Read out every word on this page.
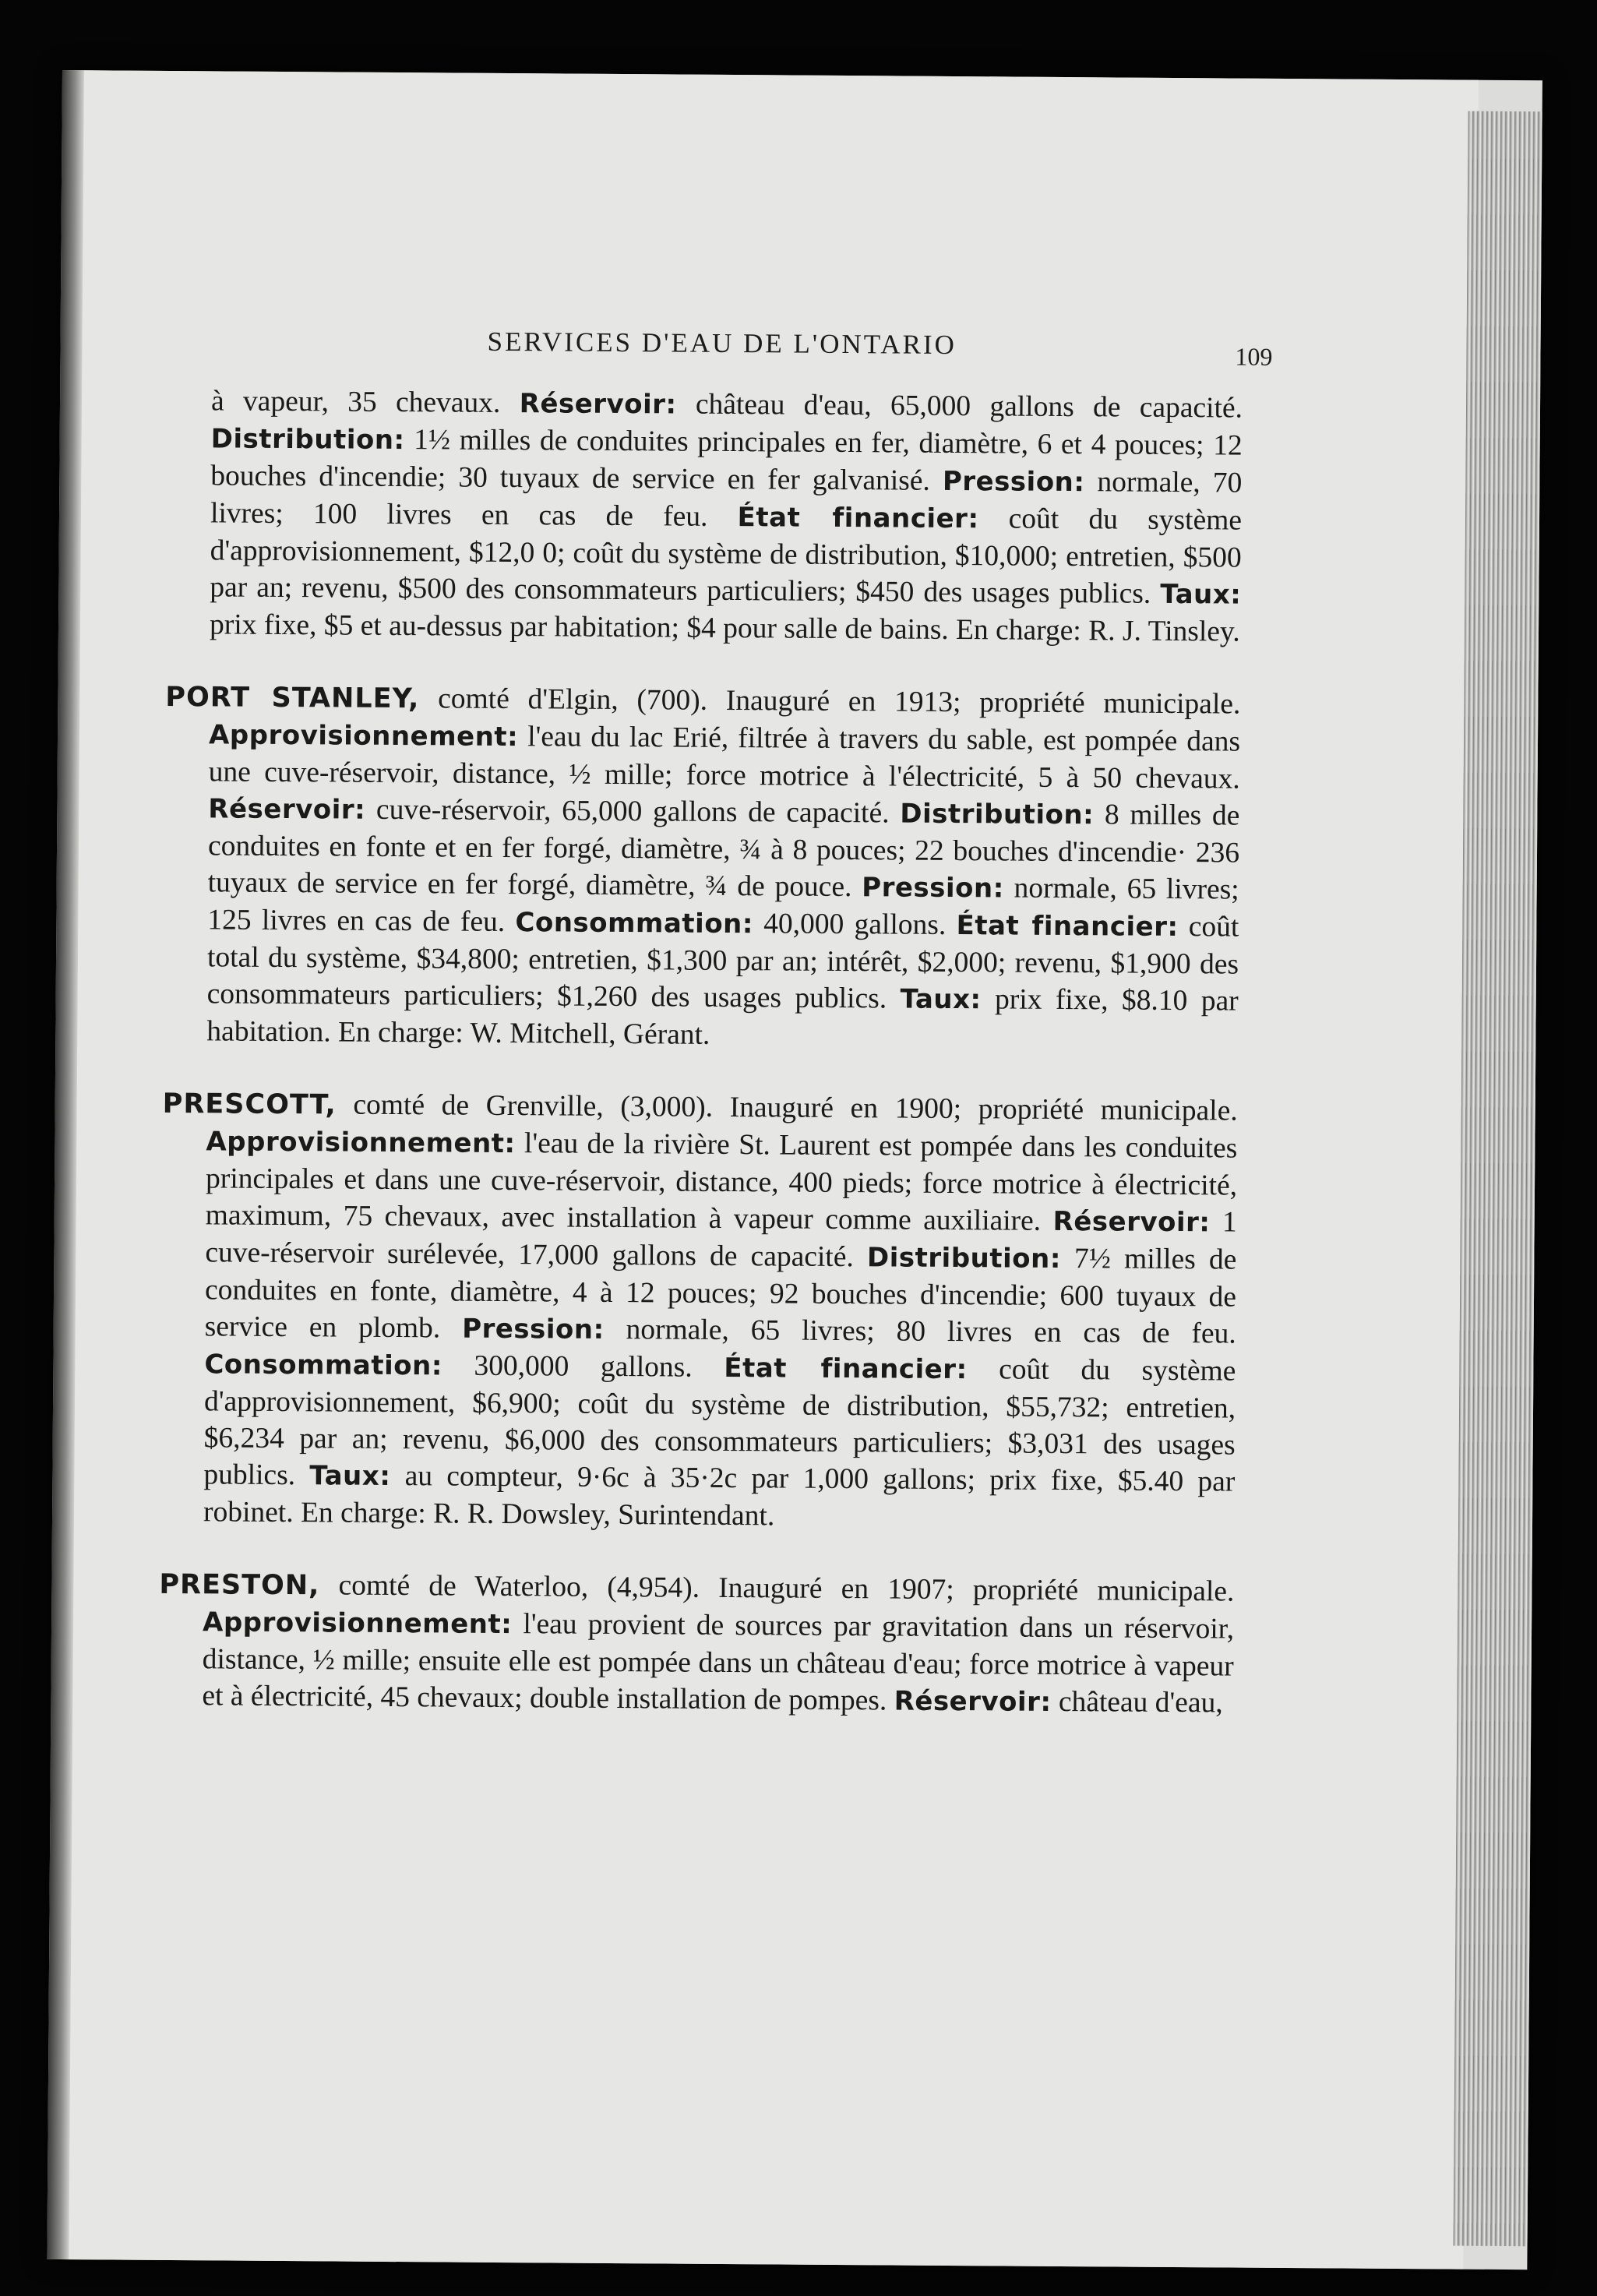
SERVICES D'EAU DE L'ONTARIO	109

à vapeur, 35 chevaux. Réservoir: château d'eau, 65,000 gallons de capacité. Distribution: 1½ milles de conduites principales en fer, diamètre, 6 et 4 pouces; 12 bouches d'incendie; 30 tuyaux de service en fer galvanisé. Pression: normale, 70 livres; 100 livres en cas de feu. État financier: coût du système d'approvisionnement, $12,0 0; coût du système de distribution, $10,000; entretien, $500 par an; revenu, $500 des consommateurs particuliers; $450 des usages publics. Taux: prix fixe, $5 et au-dessus par habitation; $4 pour salle de bains. En charge: R. J. Tinsley.

PORT STANLEY, comté d'Elgin, (700). Inauguré en 1913; propriété municipale. Approvisionnement: l'eau du lac Erié, filtrée à travers du sable, est pompée dans une cuve-réservoir, distance, ½ mille; force motrice à l'électricité, 5 à 50 chevaux. Réservoir: cuve-réservoir, 65,000 gallons de capacité. Distribution: 8 milles de conduites en fonte et en fer forgé, diamètre, ¾ à 8 pouces; 22 bouches d'incendie· 236 tuyaux de service en fer forgé, diamètre, ¾ de pouce. Pression: normale, 65 livres; 125 livres en cas de feu. Consommation: 40,000 gallons. État financier: coût total du système, $34,800; entretien, $1,300 par an; intérêt, $2,000; revenu, $1,900 des consommateurs particuliers; $1,260 des usages publics. Taux: prix fixe, $8.10 par habitation. En charge: W. Mitchell, Gérant.

PRESCOTT, comté de Grenville, (3,000). Inauguré en 1900; propriété municipale. Approvisionnement: l'eau de la rivière St. Laurent est pompée dans les conduites principales et dans une cuve-réservoir, distance, 400 pieds; force motrice à électricité, maximum, 75 chevaux, avec installation à vapeur comme auxiliaire. Réservoir: 1 cuve-réservoir surélevée, 17,000 gallons de capacité. Distribution: 7½ milles de conduites en fonte, diamètre, 4 à 12 pouces; 92 bouches d'incendie; 600 tuyaux de service en plomb. Pression: normale, 65 livres; 80 livres en cas de feu. Consommation: 300,000 gallons. État financier: coût du système d'approvisionnement, $6,900; coût du système de distribution, $55,732; entretien, $6,234 par an; revenu, $6,000 des consommateurs particuliers; $3,031 des usages publics. Taux: au compteur, 9·6c à 35·2c par 1,000 gallons; prix fixe, $5.40 par robinet. En charge: R. R. Dowsley, Surintendant.

PRESTON, comté de Waterloo, (4,954). Inauguré en 1907; propriété municipale. Approvisionnement: l'eau provient de sources par gravitation dans un réservoir, distance, ½ mille; ensuite elle est pompée dans un château d'eau; force motrice à vapeur et à électricité, 45 chevaux; double installation de pompes. Réservoir: château d'eau,
